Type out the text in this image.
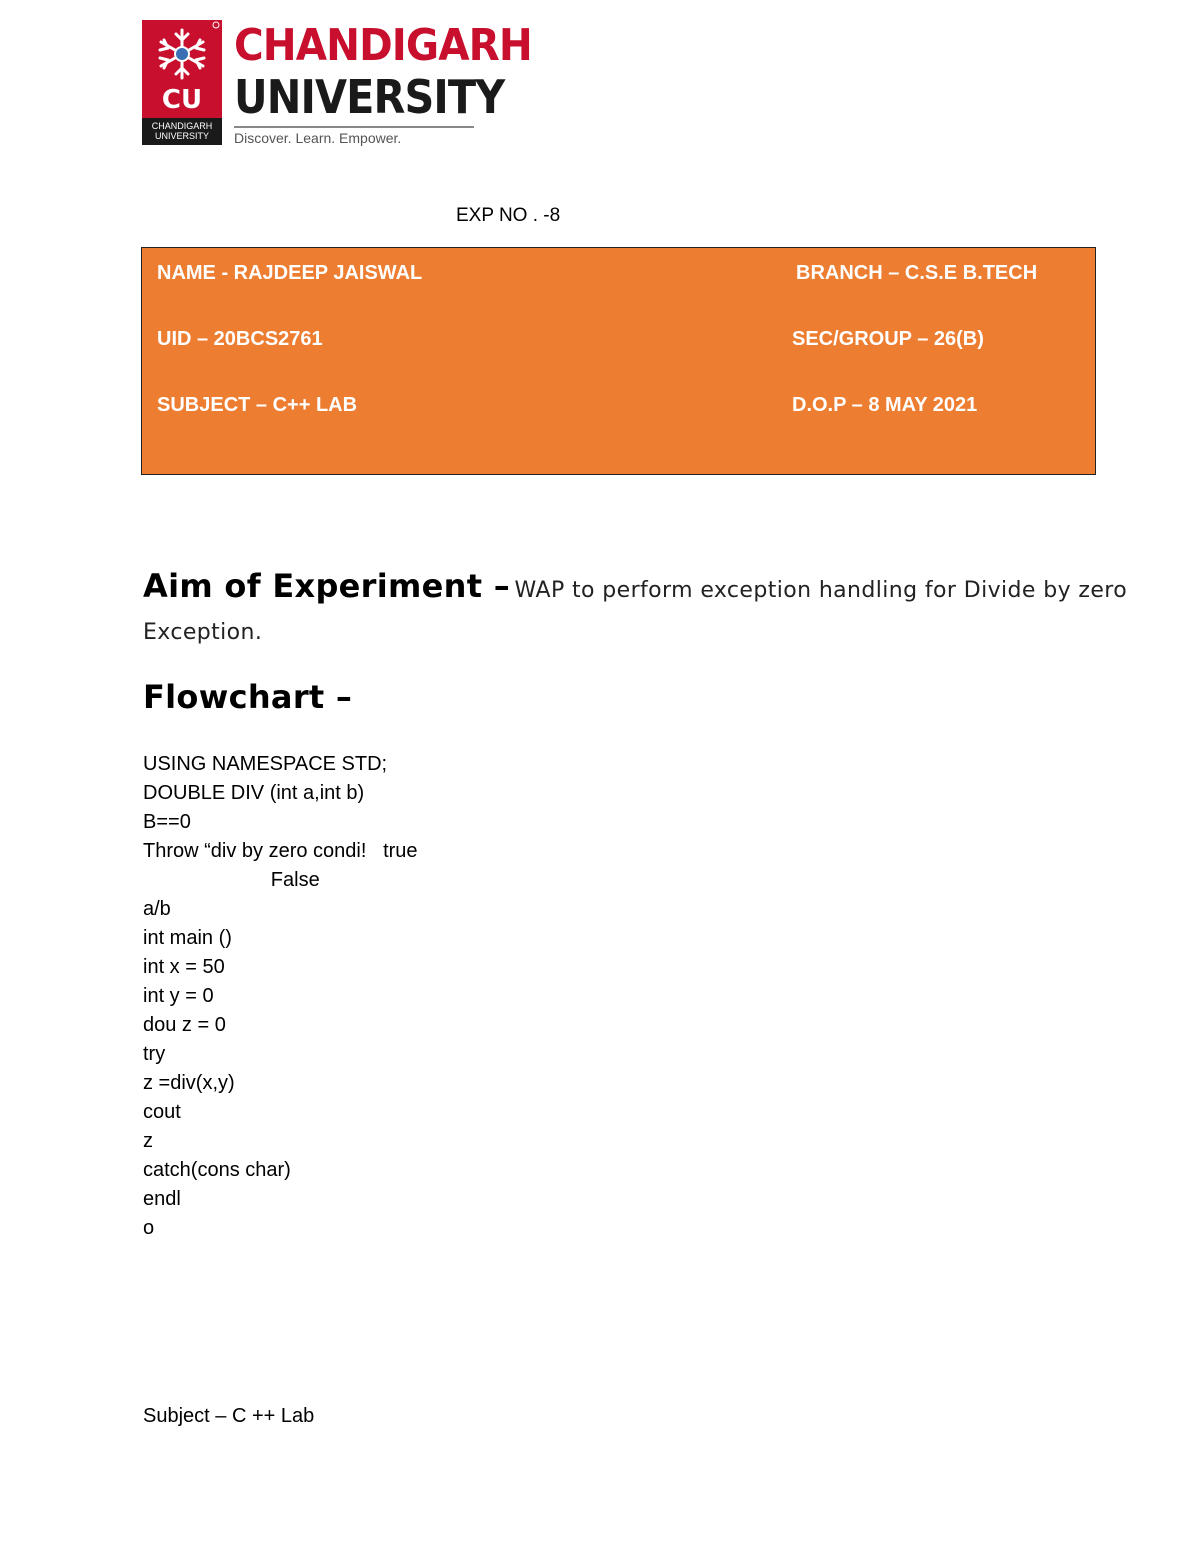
CU
CHANDIGARH
UNIVERSITY
CHANDIGARH
UNIVERSITY
Discover. Learn. Empower.
EXP NO . -8
NAME - RAJDEEP JAISWAL	BRANCH – C.S.E B.TECH
UID – 20BCS2761	SEC/GROUP – 26(B)
SUBJECT – C++ LAB	D.O.P – 8 MAY 2021
Aim of Experiment – WAP to perform exception handling for Divide by zero Exception.
Flowchart –
USING NAMESPACE STD;
DOUBLE DIV (int a,int b)
B==0
Throw “div by zero condi!   true
False
a/b
int main ()
int x = 50
int y = 0
dou z = 0
try
z =div(x,y)
cout
z
catch(cons char)
endl
o
Subject – C ++ Lab
